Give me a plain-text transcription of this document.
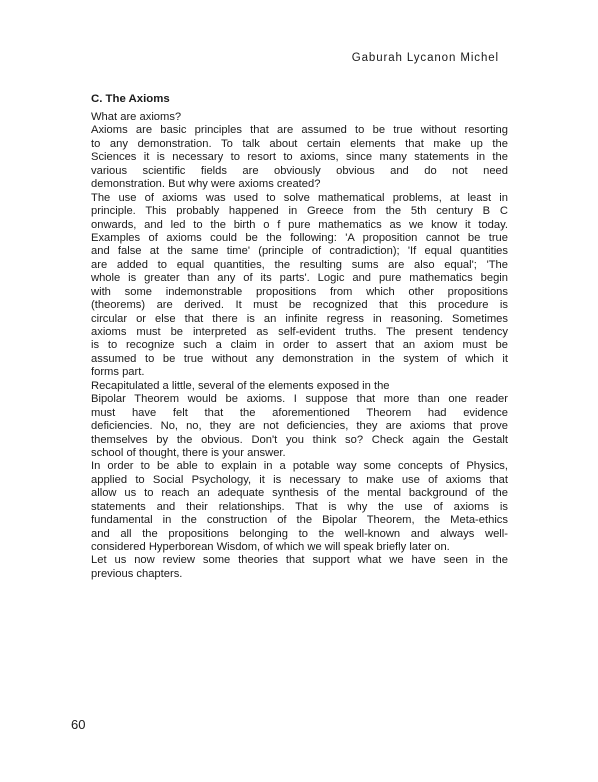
Gaburah Lycanon Michel
C. The Axioms
What are axioms?
Axioms are basic principles that are assumed to be true without resorting
to any demonstration. To talk about certain elements that make up the
Sciences it is necessary to resort to axioms, since many statements in the
various scientific fields are obviously obvious and do not need
demonstration. But why were axioms created?
The use of axioms was used to solve mathematical problems, at least in
principle. This probably happened in Greece from the 5th century B C
onwards, and led to the birth o f pure mathematics as we know it today.
Examples of axioms could be the following: 'A proposition cannot be true
and false at the same time' (principle of contradiction); 'If equal quantities
are added to equal quantities, the resulting sums are also equal'; 'The
whole is greater than any of its parts'. Logic and pure mathematics begin
with some indemonstrable propositions from which other propositions
(theorems) are derived. It must be recognized that this procedure is
circular or else that there is an infinite regress in reasoning. Sometimes
axioms must be interpreted as self-evident truths. The present tendency
is to recognize such a claim in order to assert that an axiom must be
assumed to be true without any demonstration in the system of which it
forms part.
Recapitulated a little, several of the elements exposed in the
Bipolar Theorem would be axioms. I suppose that more than one reader
must have felt that the aforementioned Theorem had evidence
deficiencies. No, no, they are not deficiencies, they are axioms that prove
themselves by the obvious. Don't you think so? Check again the Gestalt
school of thought, there is your answer.
In order to be able to explain in a potable way some concepts of Physics,
applied to Social Psychology, it is necessary to make use of axioms that
allow us to reach an adequate synthesis of the mental background of the
statements and their relationships. That is why the use of axioms is
fundamental in the construction of the Bipolar Theorem, the Meta-ethics
and all the propositions belonging to the well-known and always well-
considered Hyperborean Wisdom, of which we will speak briefly later on.
Let us now review some theories that support what we have seen in the
previous chapters.
60
